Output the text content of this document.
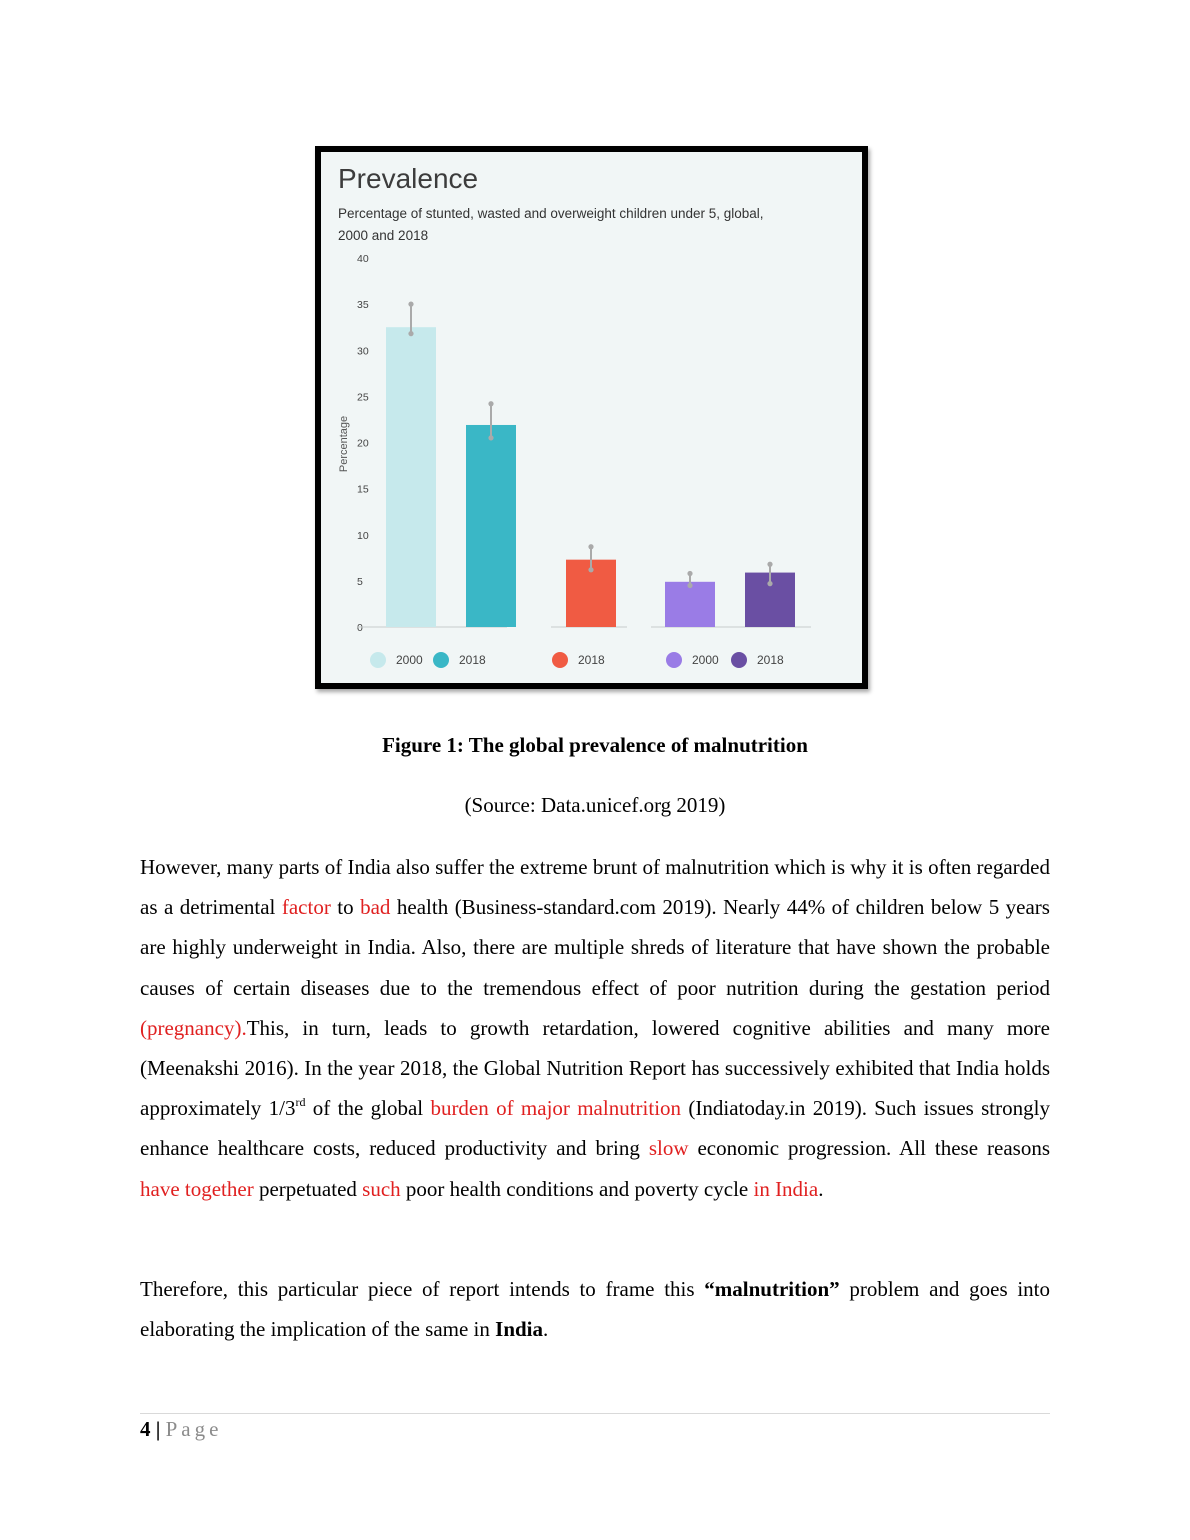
Prevalence
Percentage of stunted, wasted and overweight children under 5, global,
2000 and 2018
Percentage
0
5
10
15
20
25
30
35
40
2000	2018	2018	2000	2018

Figure 1: The global prevalence of malnutrition

(Source: Data.unicef.org 2019)

However, many parts of India also suffer the extreme brunt of malnutrition which is why it is often regarded as a detrimental factor to bad health (Business-standard.com 2019). Nearly 44% of children below 5 years are highly underweight in India. Also, there are multiple shreds of literature that have shown the probable causes of certain diseases due to the tremendous effect of poor nutrition during the gestation period (pregnancy).This, in turn, leads to growth retardation, lowered cognitive abilities and many more (Meenakshi 2016). In the year 2018, the Global Nutrition Report has successively exhibited that India holds approximately 1/3rd of the global burden of major malnutrition (Indiatoday.in 2019). Such issues strongly enhance healthcare costs, reduced productivity and bring slow economic progression. All these reasons have together perpetuated such poor health conditions and poverty cycle in India.

Therefore, this particular piece of report intends to frame this “malnutrition” problem and goes into elaborating the implication of the same in India.

4 | Page
